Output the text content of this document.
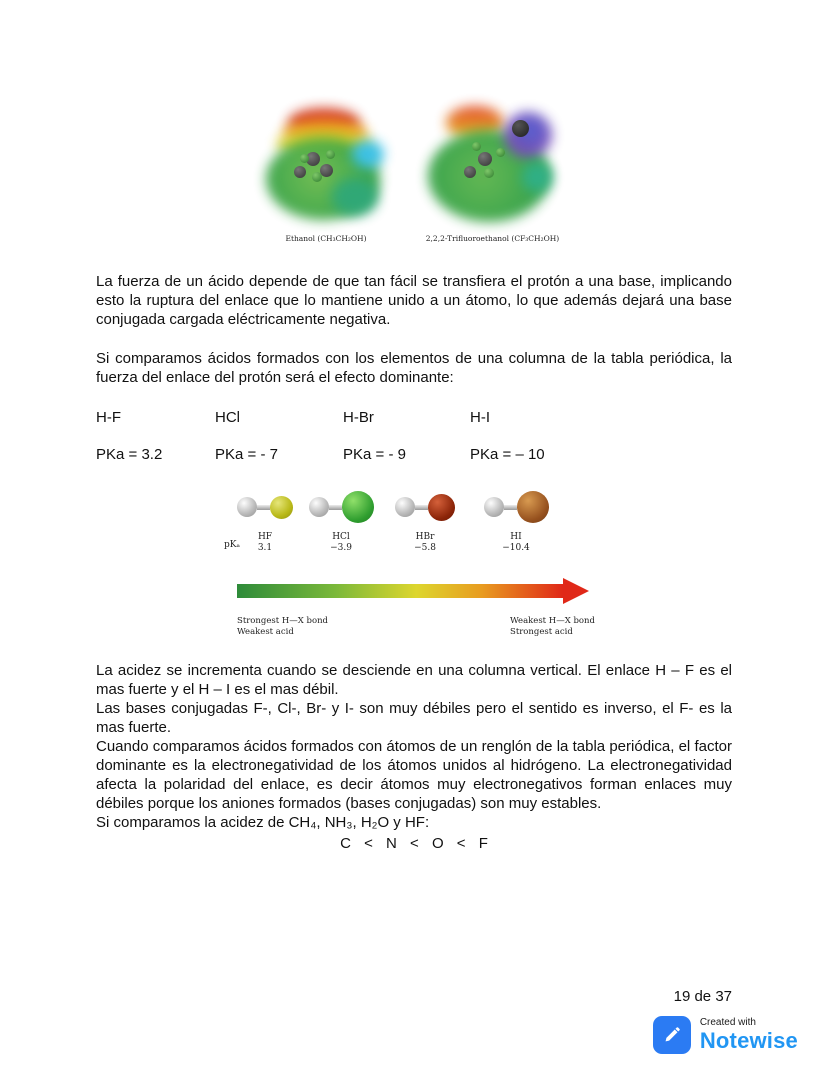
Ethanol (CH₃CH₂OH)	2,2,2-Trifluoroethanol (CF₃CH₂OH)

La fuerza de un ácido depende de que tan fácil se transfiera el protón a una base, implicando esto la ruptura del enlace que lo mantiene unido a un átomo, lo que además dejará una base conjugada cargada eléctricamente negativa.

Si comparamos ácidos formados con los elementos de una columna de la tabla periódica, la fuerza del enlace del protón será el efecto dominante:

H-F	HCl	H-Br	H-I
PKa = 3.2	PKa = - 7	PKa = - 9	PKa = – 10
HF
3.1
HCl
−3.9
HBr
−5.8
HI
−10.4
pKₐ
Strongest H—X bond
Weakest acid
Weakest H—X bond
Strongest acid

La acidez se incrementa cuando se desciende en una columna vertical. El enlace H – F es el mas fuerte y el H – I es el mas débil.

Las bases conjugadas F-, Cl-, Br- y I- son muy débiles pero el sentido es inverso, el F- es la mas fuerte.

Cuando comparamos ácidos formados con átomos de un renglón de la tabla periódica, el factor dominante es la electronegatividad de los átomos unidos al hidrógeno. La electronegatividad afecta la polaridad del enlace, es decir átomos muy electronegativos forman enlaces muy débiles porque los aniones formados (bases conjugadas) son muy estables.

Si comparamos la acidez de CH₄, NH₃, H₂O y HF:

C < N < O < F

19 de 37
Created with
Notewise
